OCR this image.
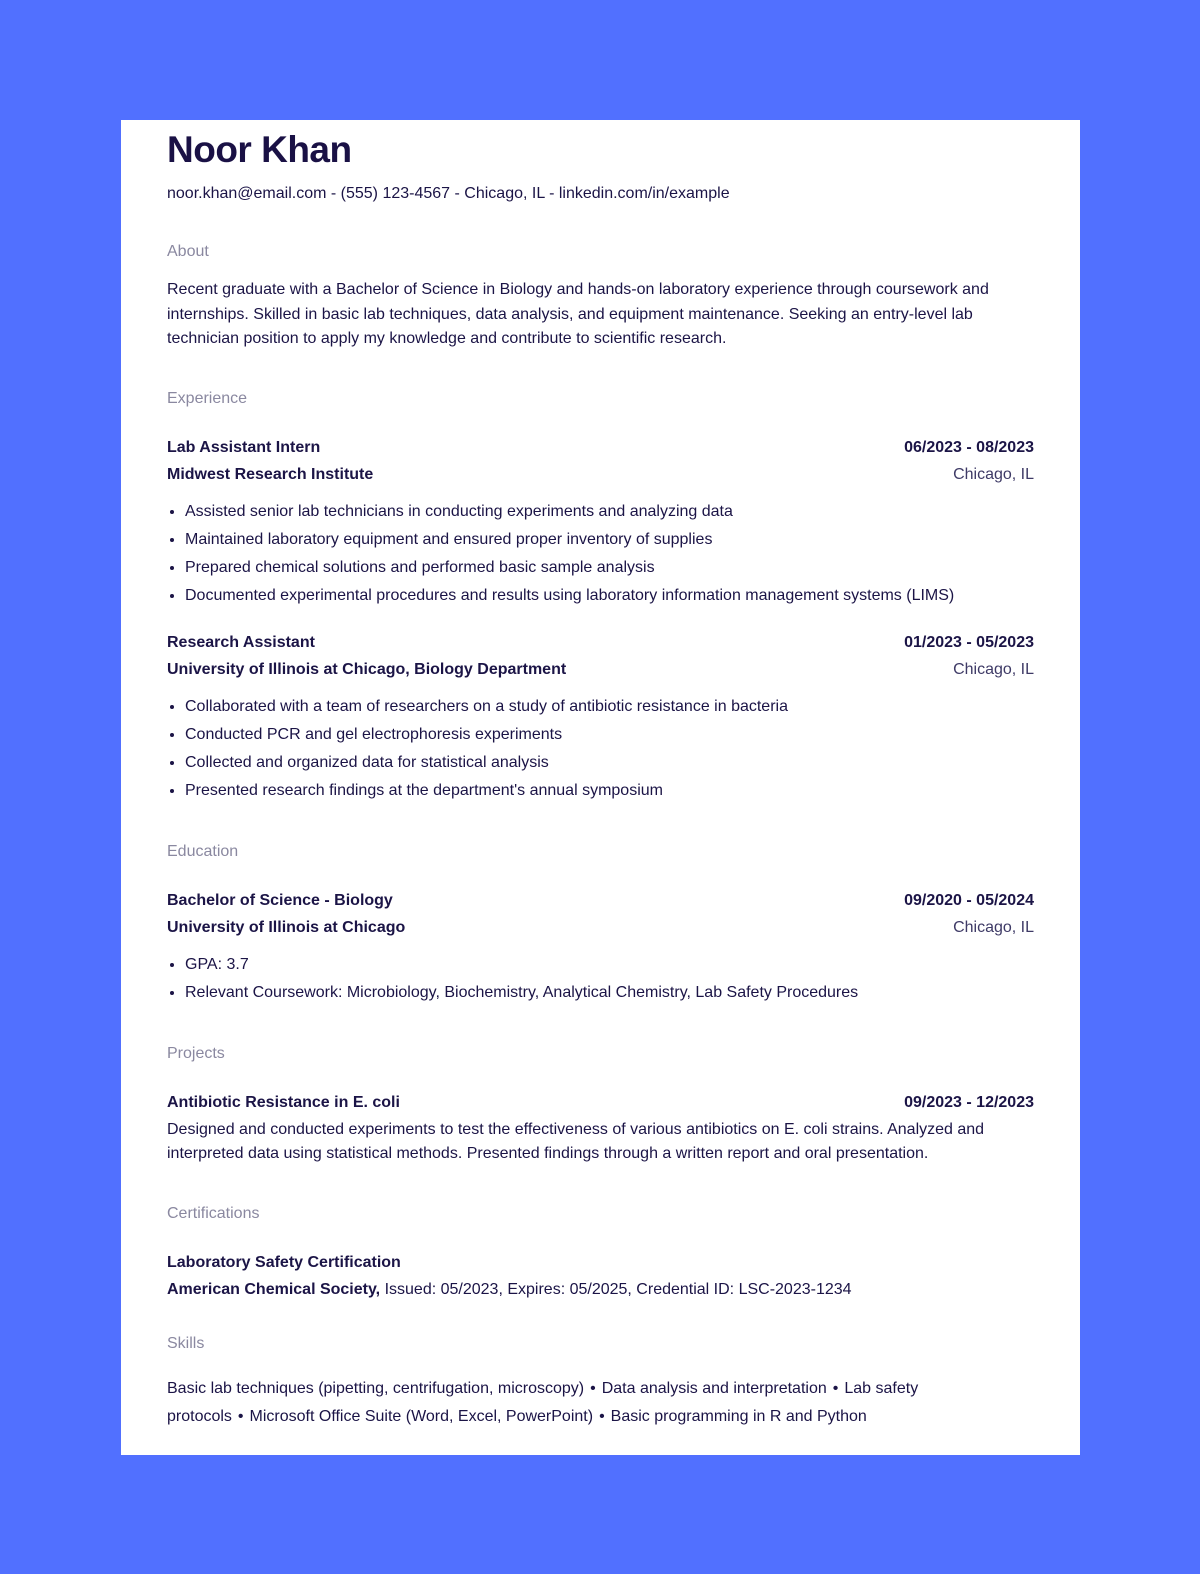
Noor Khan
noor.khan@email.com - (555) 123-4567 - Chicago, IL - linkedin.com/in/example
About
Recent graduate with a Bachelor of Science in Biology and hands-on laboratory experience through coursework and internships. Skilled in basic lab techniques, data analysis, and equipment maintenance. Seeking an entry-level lab technician position to apply my knowledge and contribute to scientific research.
Experience
Lab Assistant Intern	06/2023 - 08/2023
Midwest Research Institute	Chicago, IL
• Assisted senior lab technicians in conducting experiments and analyzing data
• Maintained laboratory equipment and ensured proper inventory of supplies
• Prepared chemical solutions and performed basic sample analysis
• Documented experimental procedures and results using laboratory information management systems (LIMS)
Research Assistant	01/2023 - 05/2023
University of Illinois at Chicago, Biology Department	Chicago, IL
• Collaborated with a team of researchers on a study of antibiotic resistance in bacteria
• Conducted PCR and gel electrophoresis experiments
• Collected and organized data for statistical analysis
• Presented research findings at the department's annual symposium
Education
Bachelor of Science - Biology	09/2020 - 05/2024
University of Illinois at Chicago	Chicago, IL
• GPA: 3.7
• Relevant Coursework: Microbiology, Biochemistry, Analytical Chemistry, Lab Safety Procedures
Projects
Antibiotic Resistance in E. coli	09/2023 - 12/2023
Designed and conducted experiments to test the effectiveness of various antibiotics on E. coli strains. Analyzed and interpreted data using statistical methods. Presented findings through a written report and oral presentation.
Certifications
Laboratory Safety Certification
American Chemical Society, Issued: 05/2023, Expires: 05/2025, Credential ID: LSC-2023-1234
Skills
Basic lab techniques (pipetting, centrifugation, microscopy) • Data analysis and interpretation • Lab safety protocols • Microsoft Office Suite (Word, Excel, PowerPoint) • Basic programming in R and Python
